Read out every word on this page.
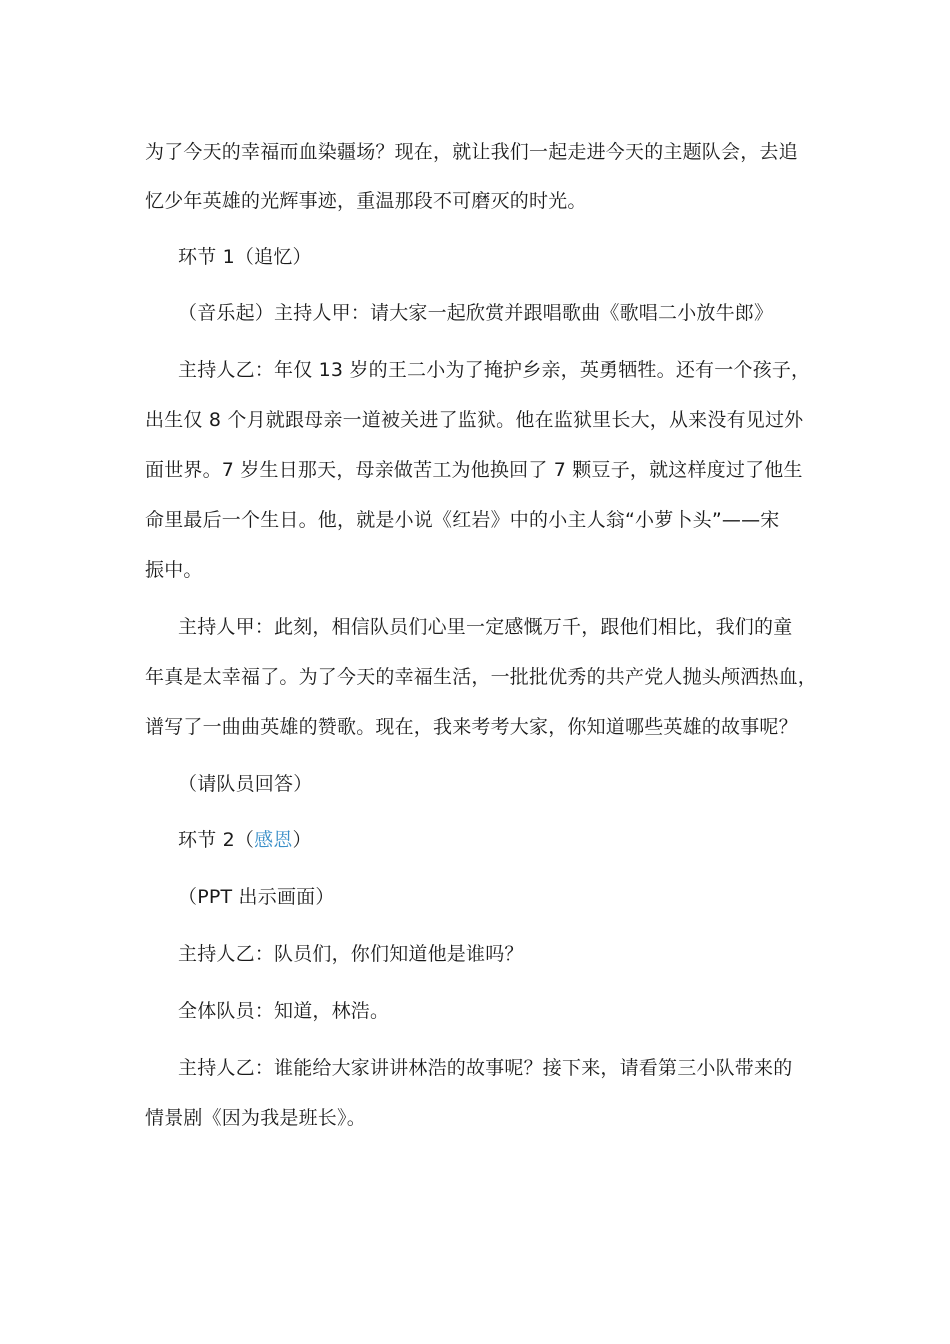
为了今天的幸福而血染疆场？现在，就让我们一起走进今天的主题队会，去追
忆少年英雄的光辉事迹，重温那段不可磨灭的时光。
环节 1（追忆）
（音乐起）主持人甲：请大家一起欣赏并跟唱歌曲《歌唱二小放牛郎》
主持人乙：年仅 13 岁的王二小为了掩护乡亲，英勇牺牲。还有一个孩子，
出生仅 8 个月就跟母亲一道被关进了监狱。他在监狱里长大，从来没有见过外
面世界。7 岁生日那天，母亲做苦工为他换回了 7 颗豆子，就这样度过了他生
命里最后一个生日。他，就是小说《红岩》中的小主人翁“小萝卜头”——宋
振中。
主持人甲：此刻，相信队员们心里一定感慨万千，跟他们相比，我们的童
年真是太幸福了。为了今天的幸福生活，一批批优秀的共产党人抛头颅洒热血，
谱写了一曲曲英雄的赞歌。现在，我来考考大家，你知道哪些英雄的故事呢？
（请队员回答）
环节 2（感恩）
（PPT 出示画面）
主持人乙：队员们，你们知道他是谁吗？
全体队员：知道，林浩。
主持人乙：谁能给大家讲讲林浩的故事呢？接下来，请看第三小队带来的
情景剧《因为我是班长》。
